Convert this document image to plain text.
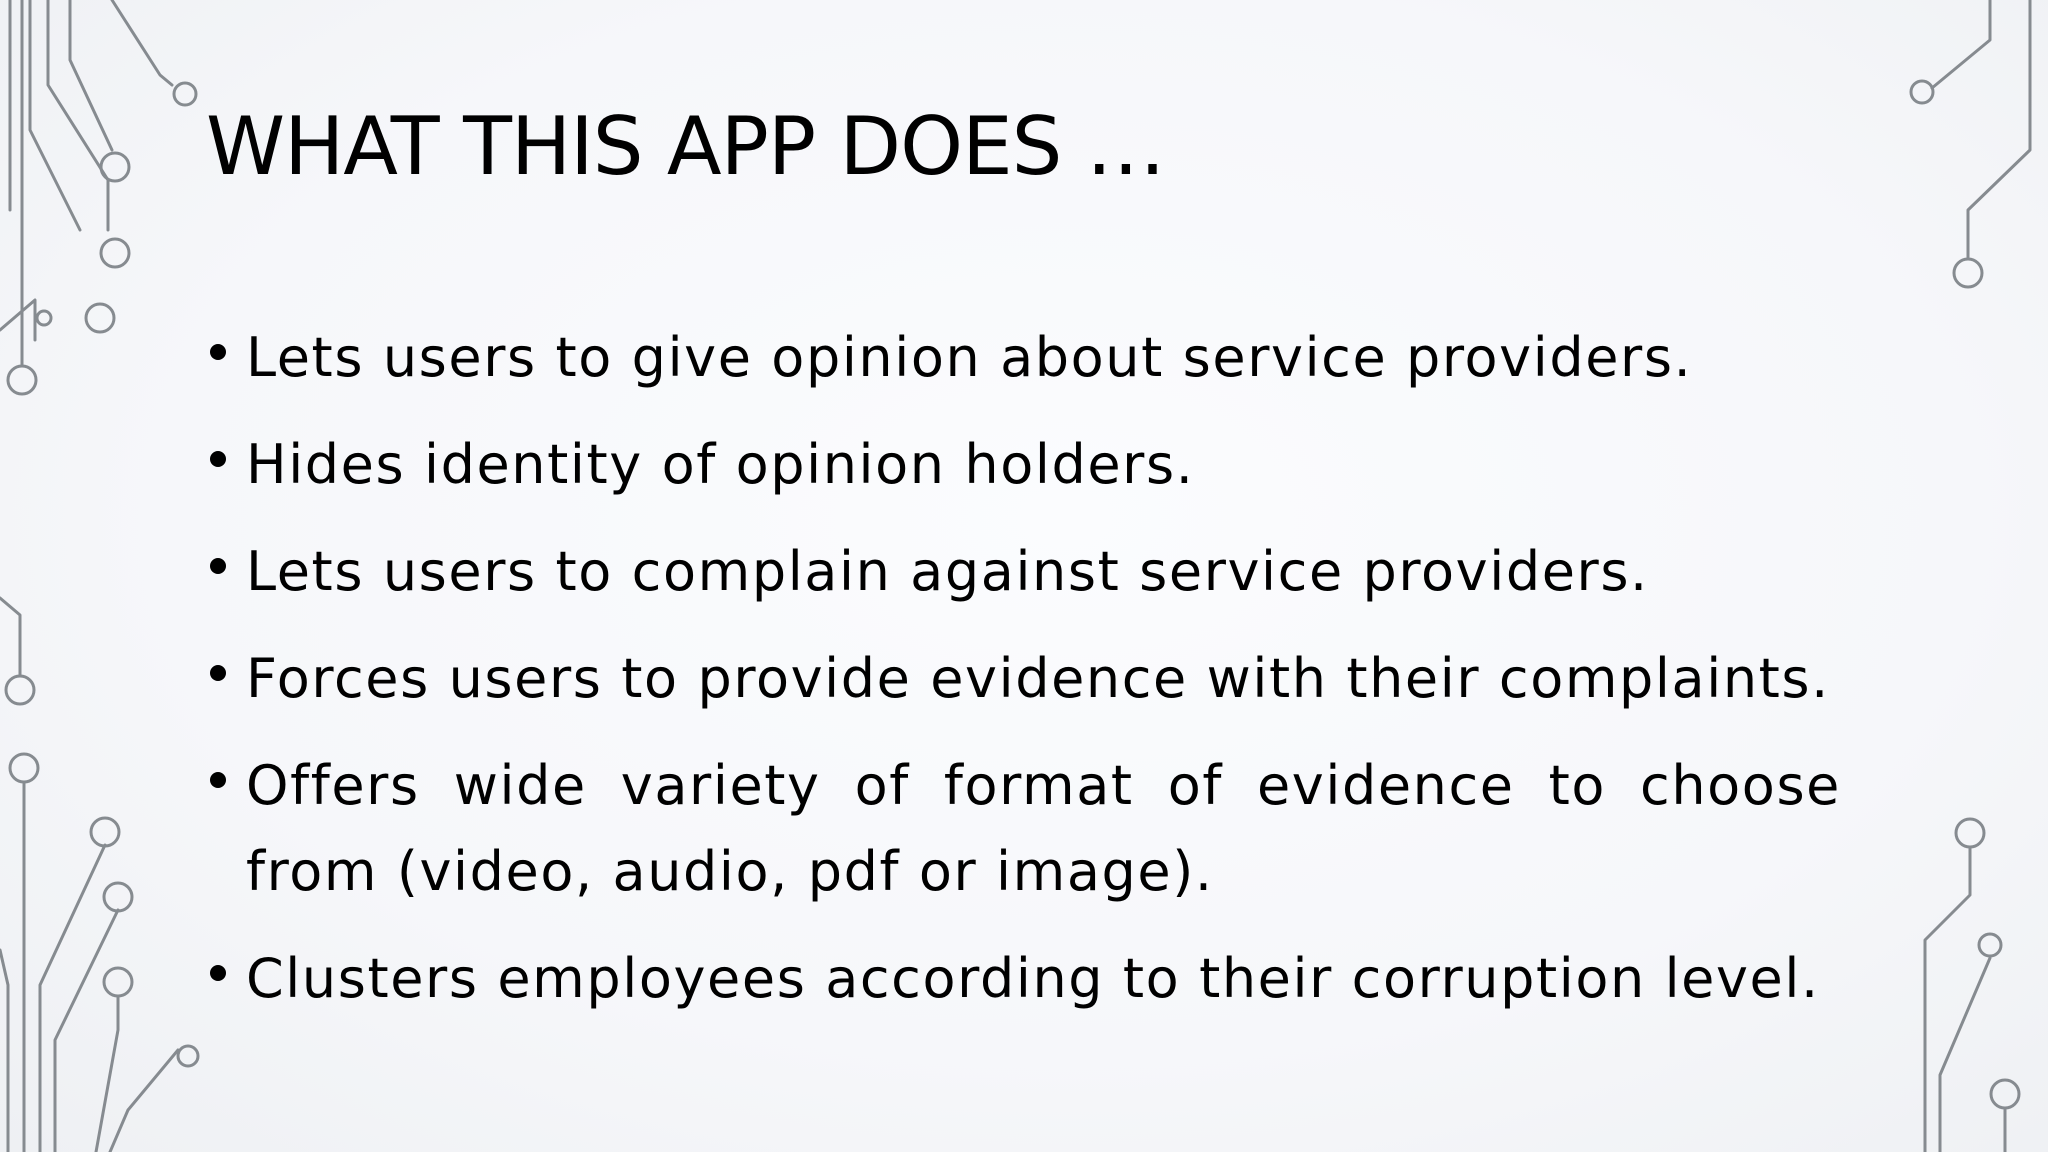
WHAT THIS APP DOES …
Lets users to give opinion about service providers.
Hides identity of opinion holders.
Lets users to complain against service providers.
Forces users to provide evidence with their complaints.
Offers wide variety of format of evidence to choose from (video, audio, pdf or image).
Clusters employees according to their corruption level.
